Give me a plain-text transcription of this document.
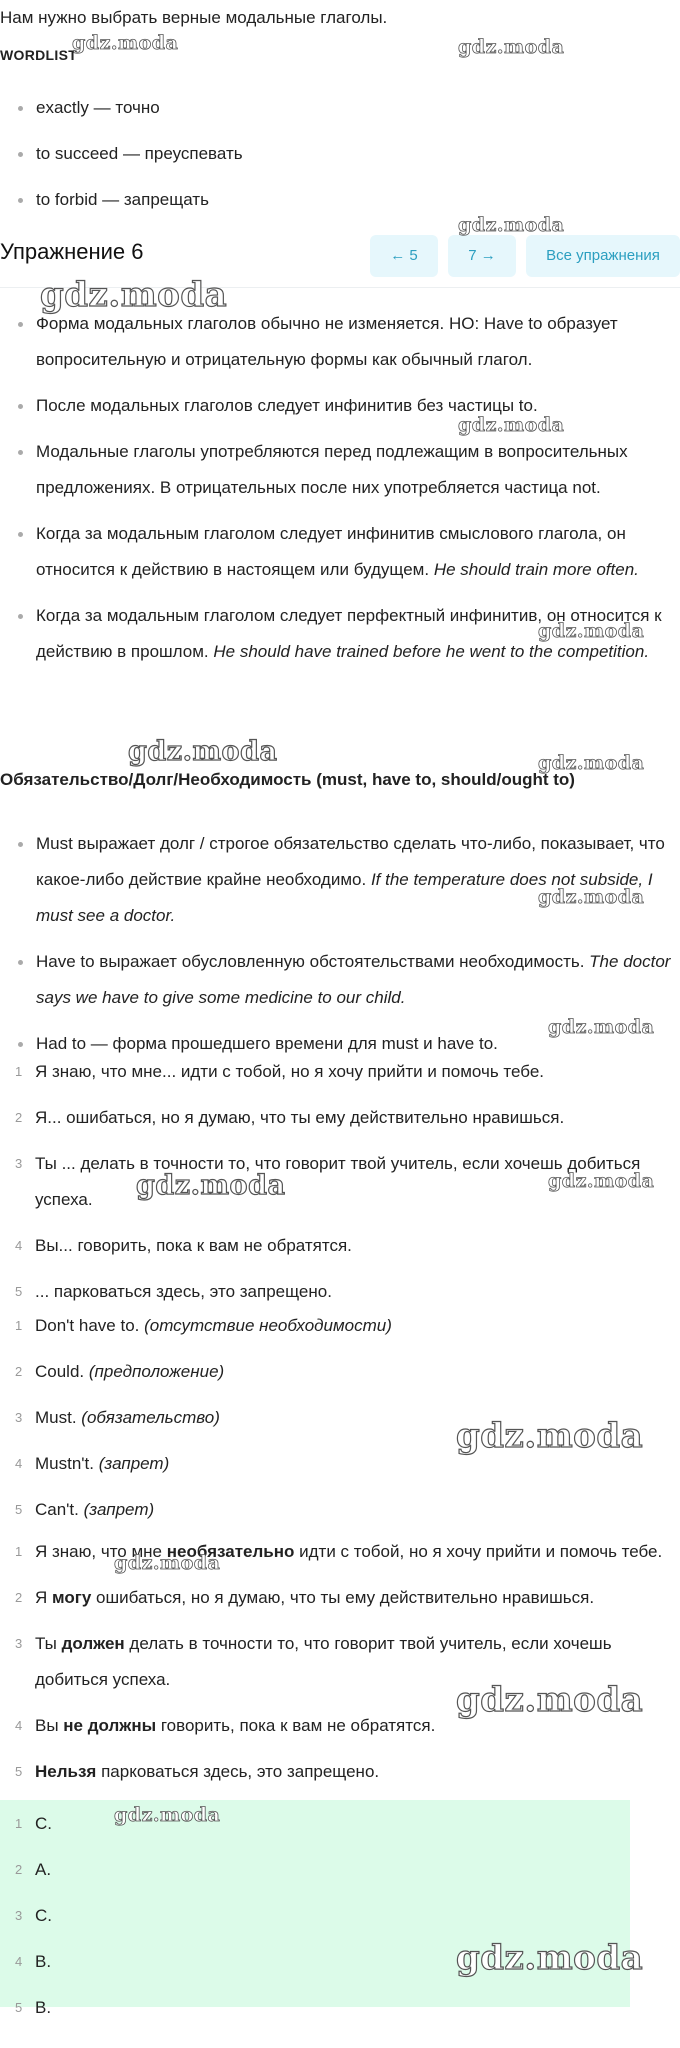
Нам нужно выбрать верные модальные глаголы.
WORDLIST
exactly — точно
to succeed — преуспевать
to forbid — запрещать
Упражнение 6	← 5	7 →	Все упражнения
Форма модальных глаголов обычно не изменяется. НО: Have to образует вопросительную и отрицательную формы как обычный глагол.
После модальных глаголов следует инфинитив без частицы to.
Модальные глаголы употребляются перед подлежащим в вопросительных предложениях. В отрицательных после них употребляется частица not.
Когда за модальным глаголом следует инфинитив смыслового глагола, он относится к действию в настоящем или будущем. He should train more often.
Когда за модальным глаголом следует перфектный инфинитив, он относится к действию в прошлом. He should have trained before he went to the competition.
Обязательство/Долг/Необходимость (must, have to, should/ought to)
Must выражает долг / строгое обязательство сделать что-либо, показывает, что какое-либо действие крайне необходимо. If the temperature does not subside, I must see a doctor.
Have to выражает обусловленную обстоятельствами необходимость. The doctor says we have to give some medicine to our child.
Had to — форма прошедшего времени для must и have to.
1 Я знаю, что мне... идти с тобой, но я хочу прийти и помочь тебе.
2 Я... ошибаться, но я думаю, что ты ему действительно нравишься.
3 Ты ... делать в точности то, что говорит твой учитель, если хочешь добиться успеха.
4 Вы... говорить, пока к вам не обратятся.
5 ... парковаться здесь, это запрещено.
1 Don't have to. (отсутствие необходимости)
2 Could. (предположение)
3 Must. (обязательство)
4 Mustn't. (запрет)
5 Can't. (запрет)
1 Я знаю, что мне необязательно идти с тобой, но я хочу прийти и помочь тебе.
2 Я могу ошибаться, но я думаю, что ты ему действительно нравишься.
3 Ты должен делать в точности то, что говорит твой учитель, если хочешь добиться успеха.
4 Вы не должны говорить, пока к вам не обратятся.
5 Нельзя парковаться здесь, это запрещено.
1 C.
2 A.
3 C.
4 B.
5 B.
gdz.moda	gdz.moda
gdz.moda
gdz.moda
gdz.moda
gdz.moda
gdz.moda	gdz.moda
gdz.moda
gdz.moda
gdz.moda	gdz.moda
gdz.moda
gdz.moda
gdz.moda
gdz.moda
gdz.moda
